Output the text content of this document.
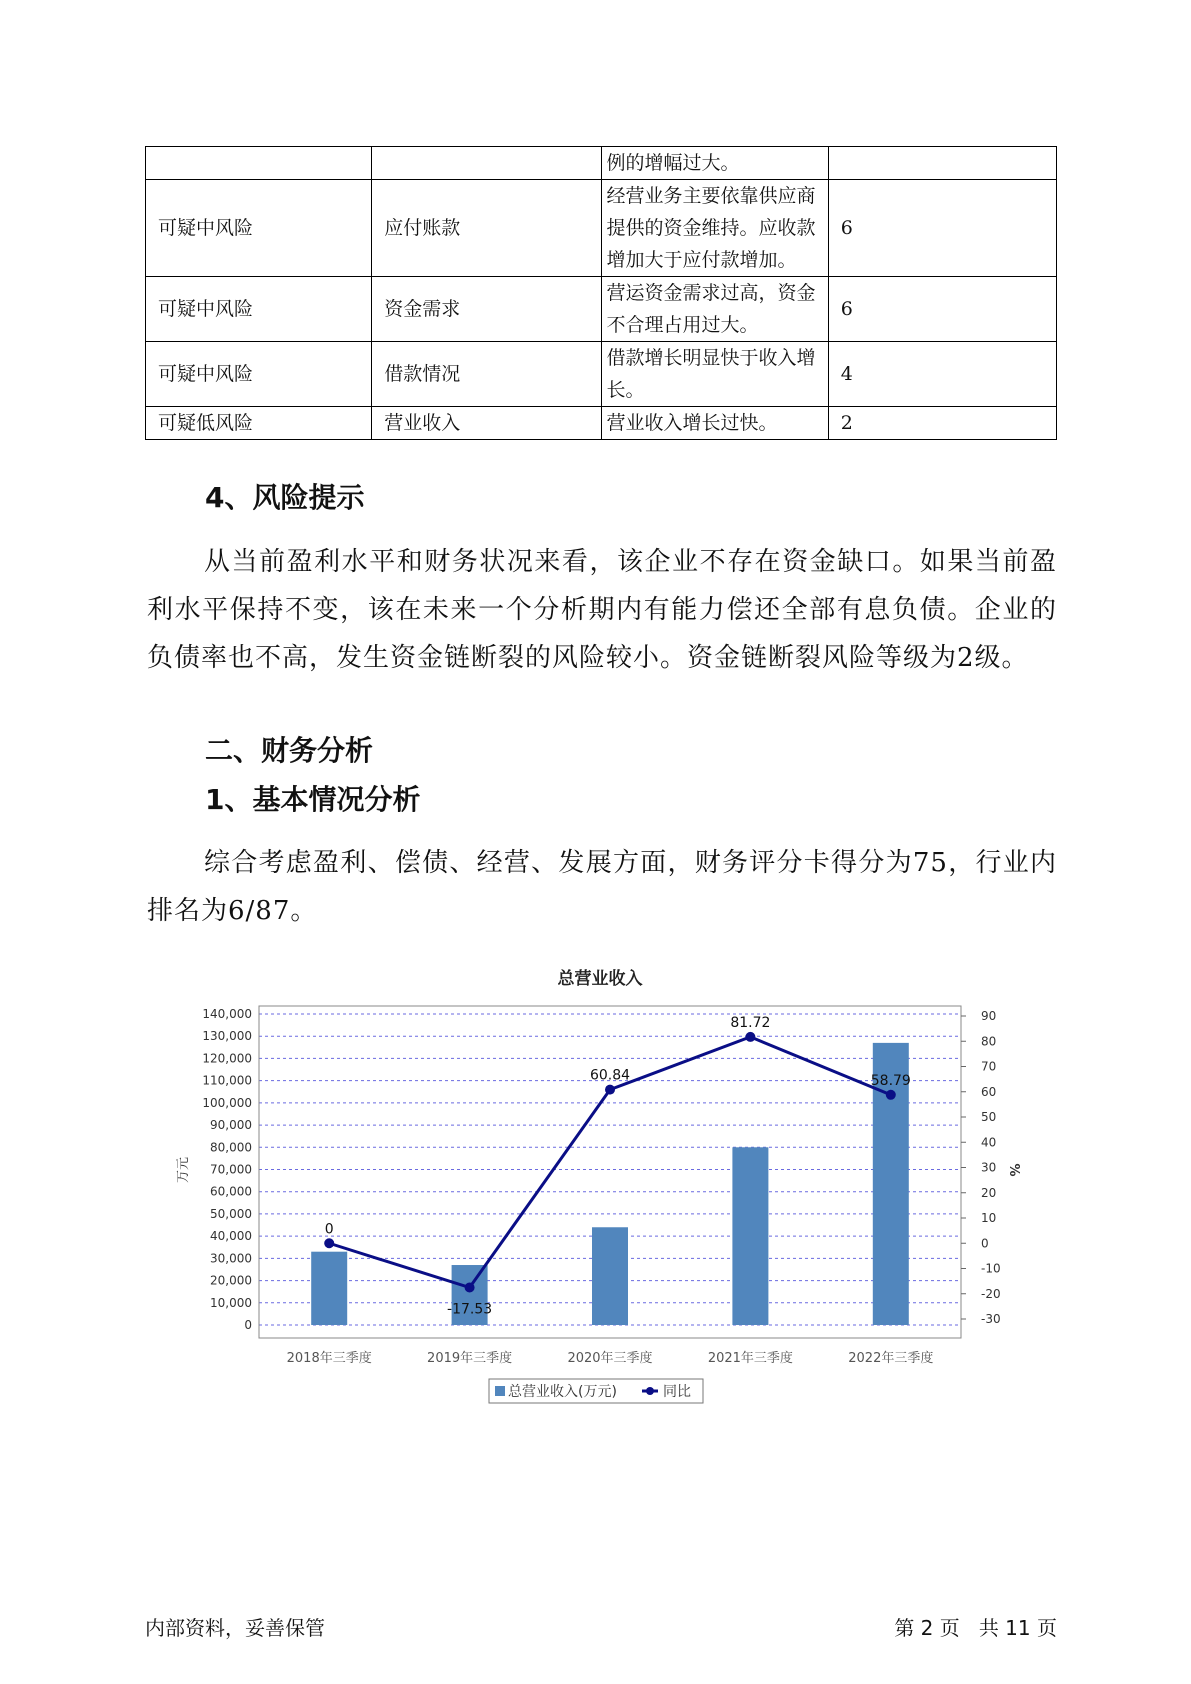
		例的增幅过大。	
可疑中风险	应付账款	经营业务主要依靠供应商提供的资金维持。应收款增加大于应付款增加。	6
可疑中风险	资金需求	营运资金需求过高，资金不合理占用过大。	6
可疑中风险	借款情况	借款增长明显快于收入增长。	4
可疑低风险	营业收入	营业收入增长过快。	2
4、风险提示

从当前盈利水平和财务状况来看，该企业不存在资金缺口。如果当前盈利水平保持不变，该在未来一个分析期内有能力偿还全部有息负债。企业的负债率也不高，发生资金链断裂的风险较小。资金链断裂风险等级为2级。

二、财务分析
1、基本情况分析

综合考虑盈利、偿债、经营、发展方面，财务评分卡得分为75，行业内排名为6/87。

总营业收入
0
10,000
20,000
30,000
40,000
50,000
60,000
70,000
80,000
90,000
100,000
110,000
120,000
130,000
140,000
-30
-20
-10
0
10
20
30
40
50
60
70
80
90
2018年三季度	2019年三季度	2020年三季度	2021年三季度	2022年三季度
0
-17.53
60.84
81.72
58.79
万元	%
总营业收入(万元)	同比
内部资料，妥善保管	第 2 页   共 11 页
